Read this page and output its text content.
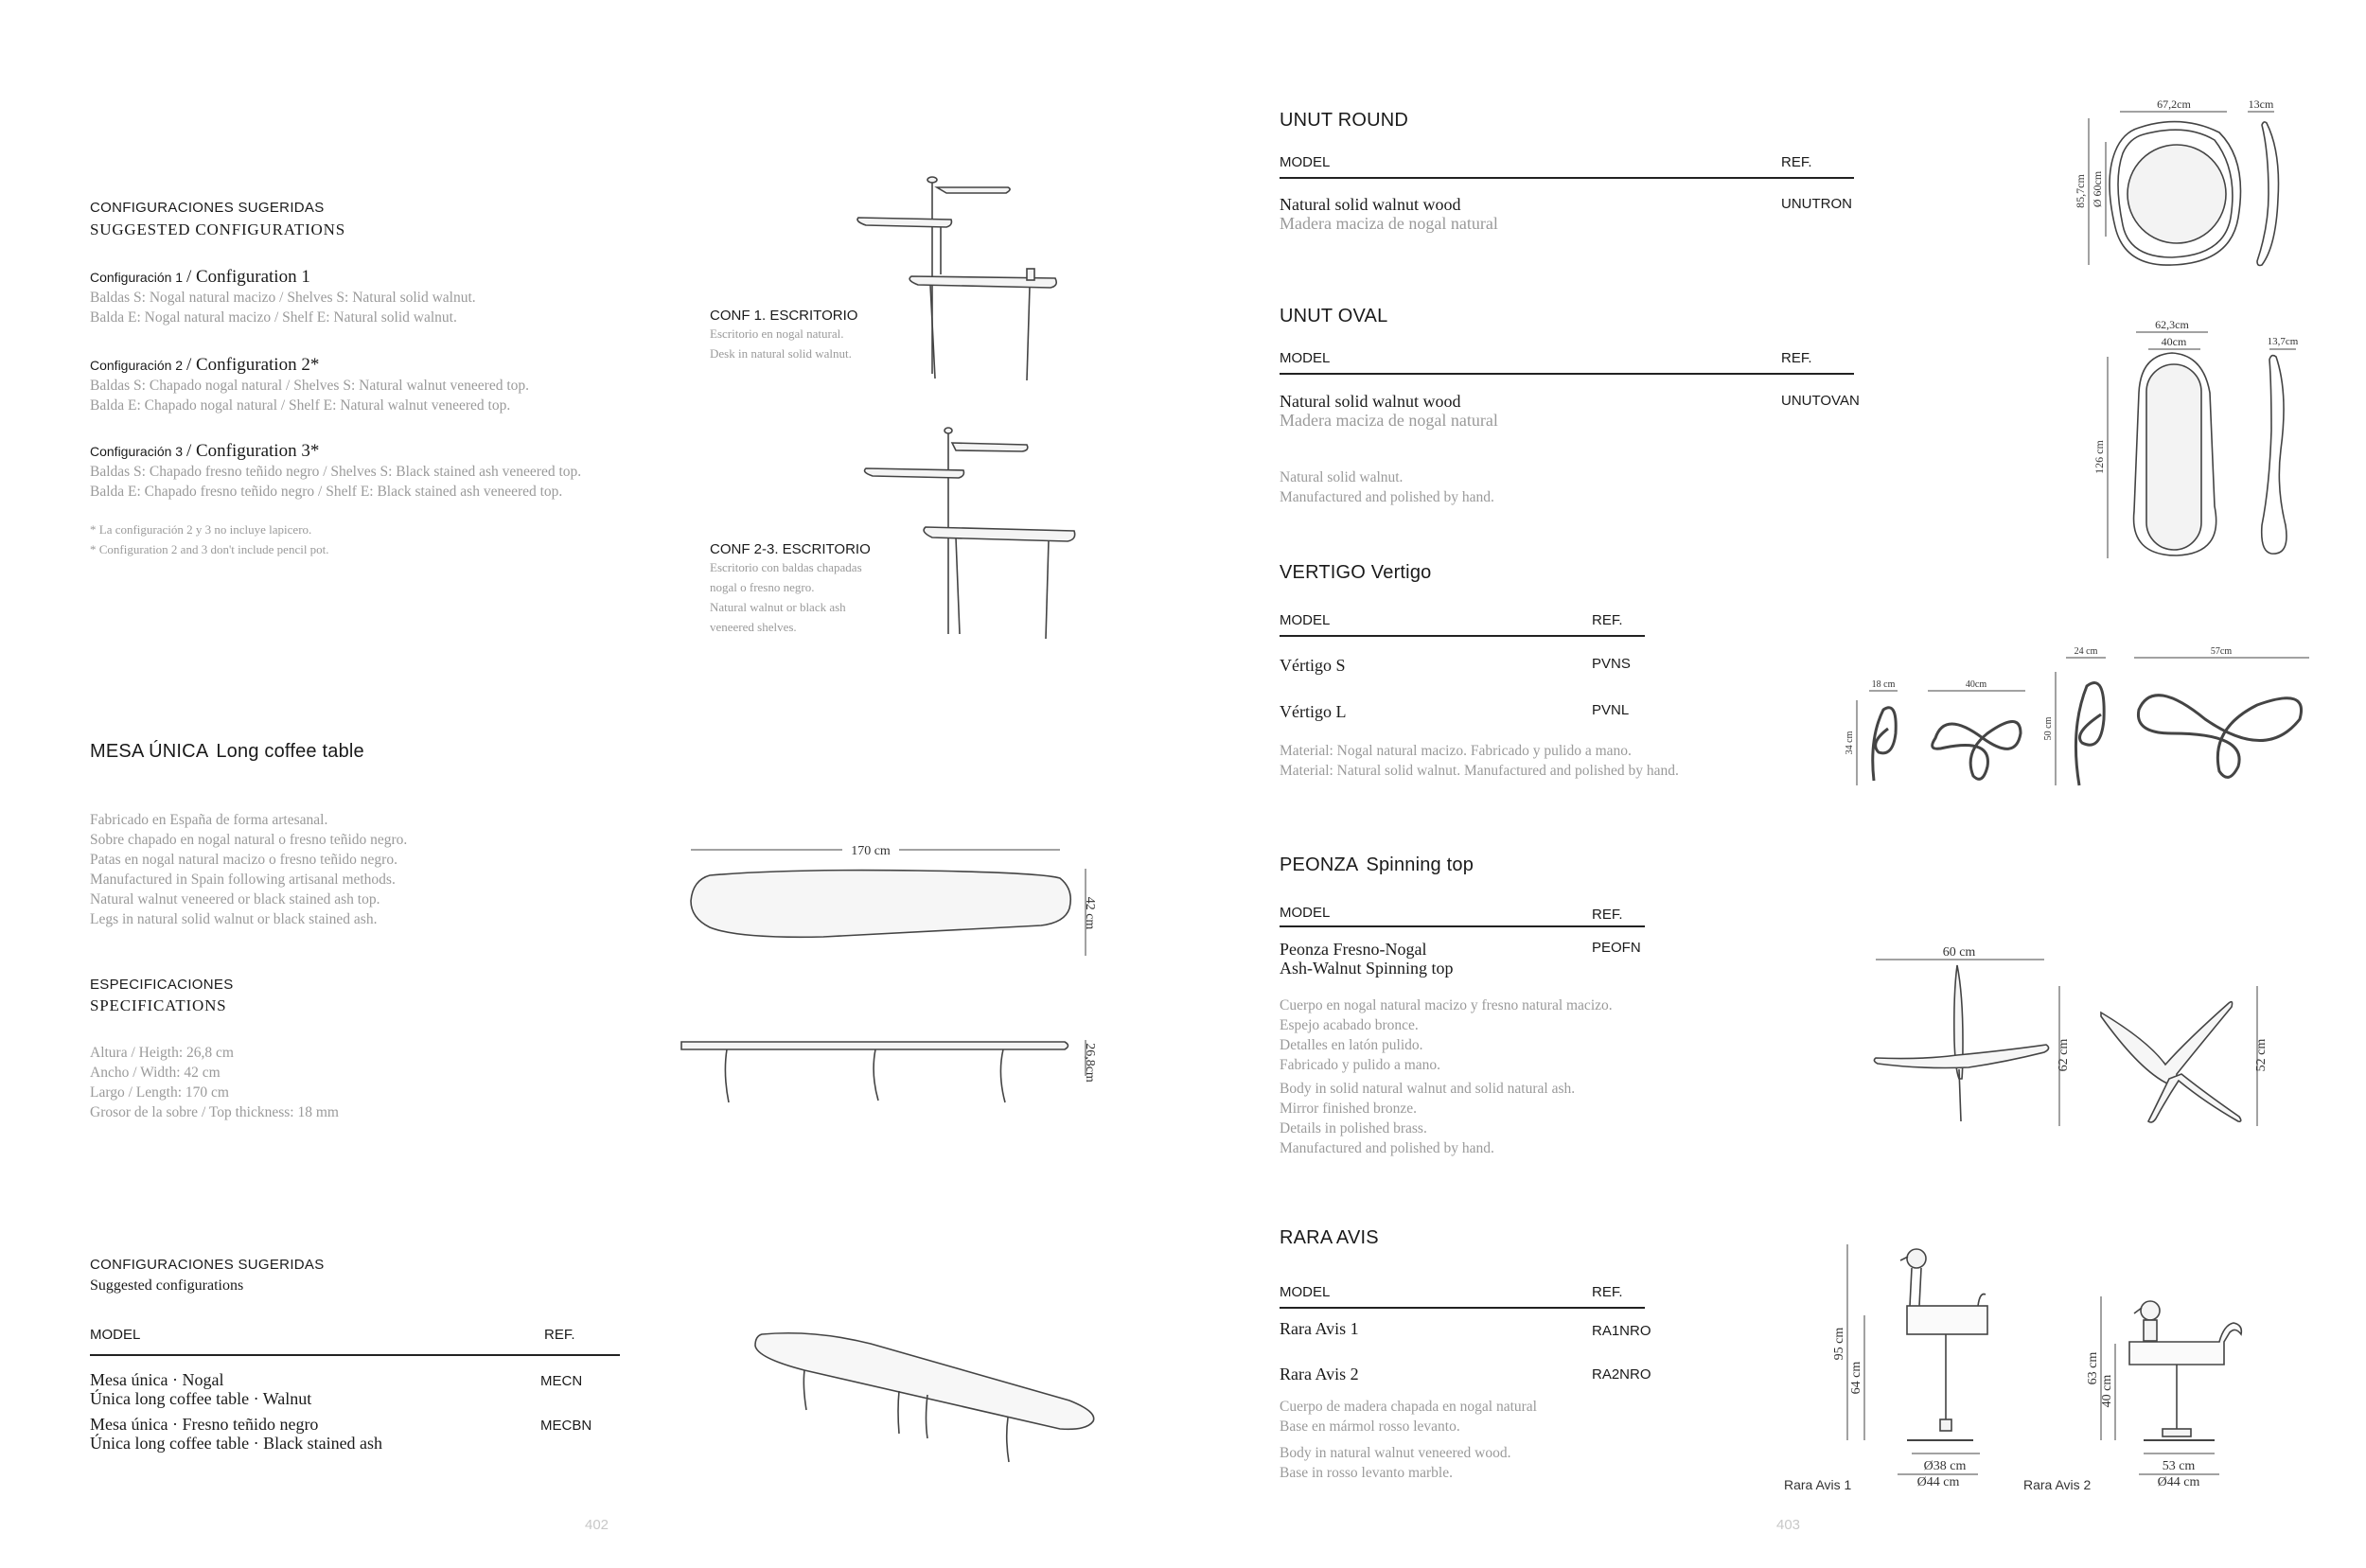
CONFIGURACIONES SUGERIDAS
SUGGESTED CONFIGURATIONS
Configuración 1 / Configuration 1
Baldas S: Nogal natural macizo / Shelves S: Natural solid walnut.
Balda E: Nogal natural macizo / Shelf E: Natural solid walnut.
Configuración 2 / Configuration 2*
Baldas S: Chapado nogal natural / Shelves S: Natural walnut veneered top.
Balda E: Chapado nogal natural / Shelf E: Natural walnut veneered top.
Configuración 3 / Configuration 3*
Baldas S: Chapado fresno teñido negro / Shelves S: Black stained ash veneered top.
Balda E: Chapado fresno teñido negro / Shelf E: Black stained ash veneered top.
* La configuración 2 y 3 no incluye lapicero.
* Configuration 2 and 3 don't include pencil pot.
CONF 1. ESCRITORIO
Escritorio en nogal natural.
Desk in natural solid walnut.
CONF 2-3. ESCRITORIO
Escritorio con baldas chapadas
nogal o fresno negro.
Natural walnut or black ash
veneered shelves.
MESA ÚNICA Long coffee table
Fabricado en España de forma artesanal.
Sobre chapado en nogal natural o fresno teñido negro.
Patas en nogal natural macizo o fresno teñido negro.
Manufactured in Spain following artisanal methods.
Natural walnut veneered or black stained ash top.
Legs in natural solid walnut or black stained ash.
ESPECIFICACIONES
SPECIFICATIONS
Altura / Heigth: 26,8 cm
Ancho / Width: 42 cm
Largo / Length: 170 cm
Grosor de la sobre / Top thickness: 18 mm
170 cm
42 cm
26,8cm
CONFIGURACIONES SUGERIDAS
Suggested configurations
MODEL	REF.
Mesa única · Nogal
Única long coffee table · Walnut
MECN
Mesa única · Fresno teñido negro
Única long coffee table · Black stained ash
MECBN
402
UNUT ROUND
MODEL	REF.
Natural solid walnut wood
Madera maciza de nogal natural
UNUTRON
67,2cm	13cm
85,7cm Ø 60cm
UNUT OVAL
MODEL	REF.
Natural solid walnut wood
Madera maciza de nogal natural
UNUTOVAN
Natural solid walnut.
Manufactured and polished by hand.
62,3cm
40cm	13,7cm
126 cm
VERTIGO Vertigo
MODEL	REF.
Vértigo S	PVNS
Vértigo L	PVNL
Material: Nogal natural macizo. Fabricado y pulido a mano.
Material: Natural solid walnut. Manufactured and polished by hand.
18 cm	40cm
34 cm
24 cm	57cm
50 cm
PEONZA Spinning top
MODEL	REF.
Peonza Fresno-Nogal
Ash-Walnut Spinning top
PEOFN
Cuerpo en nogal natural macizo y fresno natural macizo.
Espejo acabado bronce.
Detalles en latón pulido.
Fabricado y pulido a mano.
Body in solid natural walnut and solid natural ash.
Mirror finished bronze.
Details in polished brass.
Manufactured and polished by hand.
60 cm
62 cm	52 cm
RARA AVIS
MODEL	REF.
Rara Avis 1	RA1NRO
Rara Avis 2	RA2NRO
Cuerpo de madera chapada en nogal natural
Base en mármol rosso levanto.
Body in natural walnut veneered wood.
Base in rosso levanto marble.
95 cm
64 cm
Ø38 cm
Ø44 cm
Rara Avis 1
63 cm
40 cm
53 cm
Ø44 cm
Rara Avis 2
403
